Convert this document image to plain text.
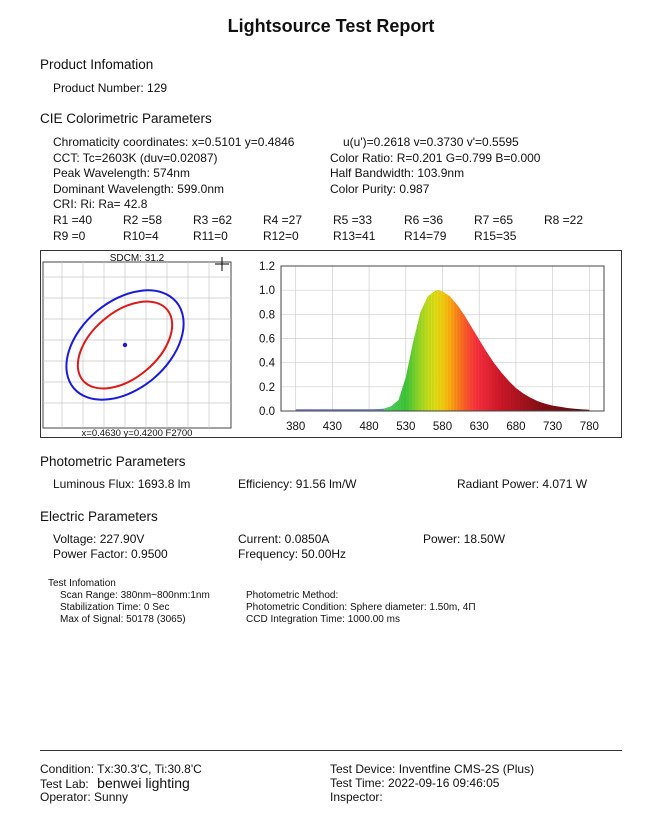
Lightsource Test Report
Product Infomation
Product Number: 129
CIE Colorimetric Parameters
Chromaticity coordinates: x=0.5101 y=0.4846	u(u')=0.2618 v=0.3730 v'=0.5595
CCT: Tc=2603K (duv=0.02087)	Color Ratio: R=0.201 G=0.799 B=0.000
Peak Wavelength: 574nm	Half Bandwidth: 103.9nm
Dominant Wavelength: 599.0nm	Color Purity: 0.987
CRI: Ri: Ra= 42.8
R1 =40	R2 =58	R3 =62	R4 =27	R5 =33	R6 =36	R7 =65	R8 =22
R9 =0	R10=4	R11=0	R12=0	R13=41 R14=79 R15=35
SDCM: 31.2
x=0.4630 y=0.4200 F2700
0.0
0.2
0.4
0.6
0.8
1.0
1.2
380 430 480 530 580 630 680 730 780
Photometric Parameters
Luminous Flux: 1693.8 lm	Efficiency: 91.56 lm/W	Radiant Power: 4.071 W
Electric Parameters
Voltage: 227.90V	Current: 0.0850A	Power: 18.50W
Power Factor: 0.9500	Frequency: 50.00Hz
Test Infomation
Scan Range: 380nm~800nm:1nm
Stabilization Time: 0 Sec
Max of Signal: 50178 (3065)
Photometric Method:
Photometric Condition: Sphere diameter: 1.50m, 4Π
CCD Integration Time: 1000.00 ms
Condition: Tx:30.3'C, Ti:30.8'C
Test Lab: benwei lighting
Operator: Sunny
Test Device: Inventfine CMS-2S (Plus)
Test Time: 2022-09-16 09:46:05
Inspector:
